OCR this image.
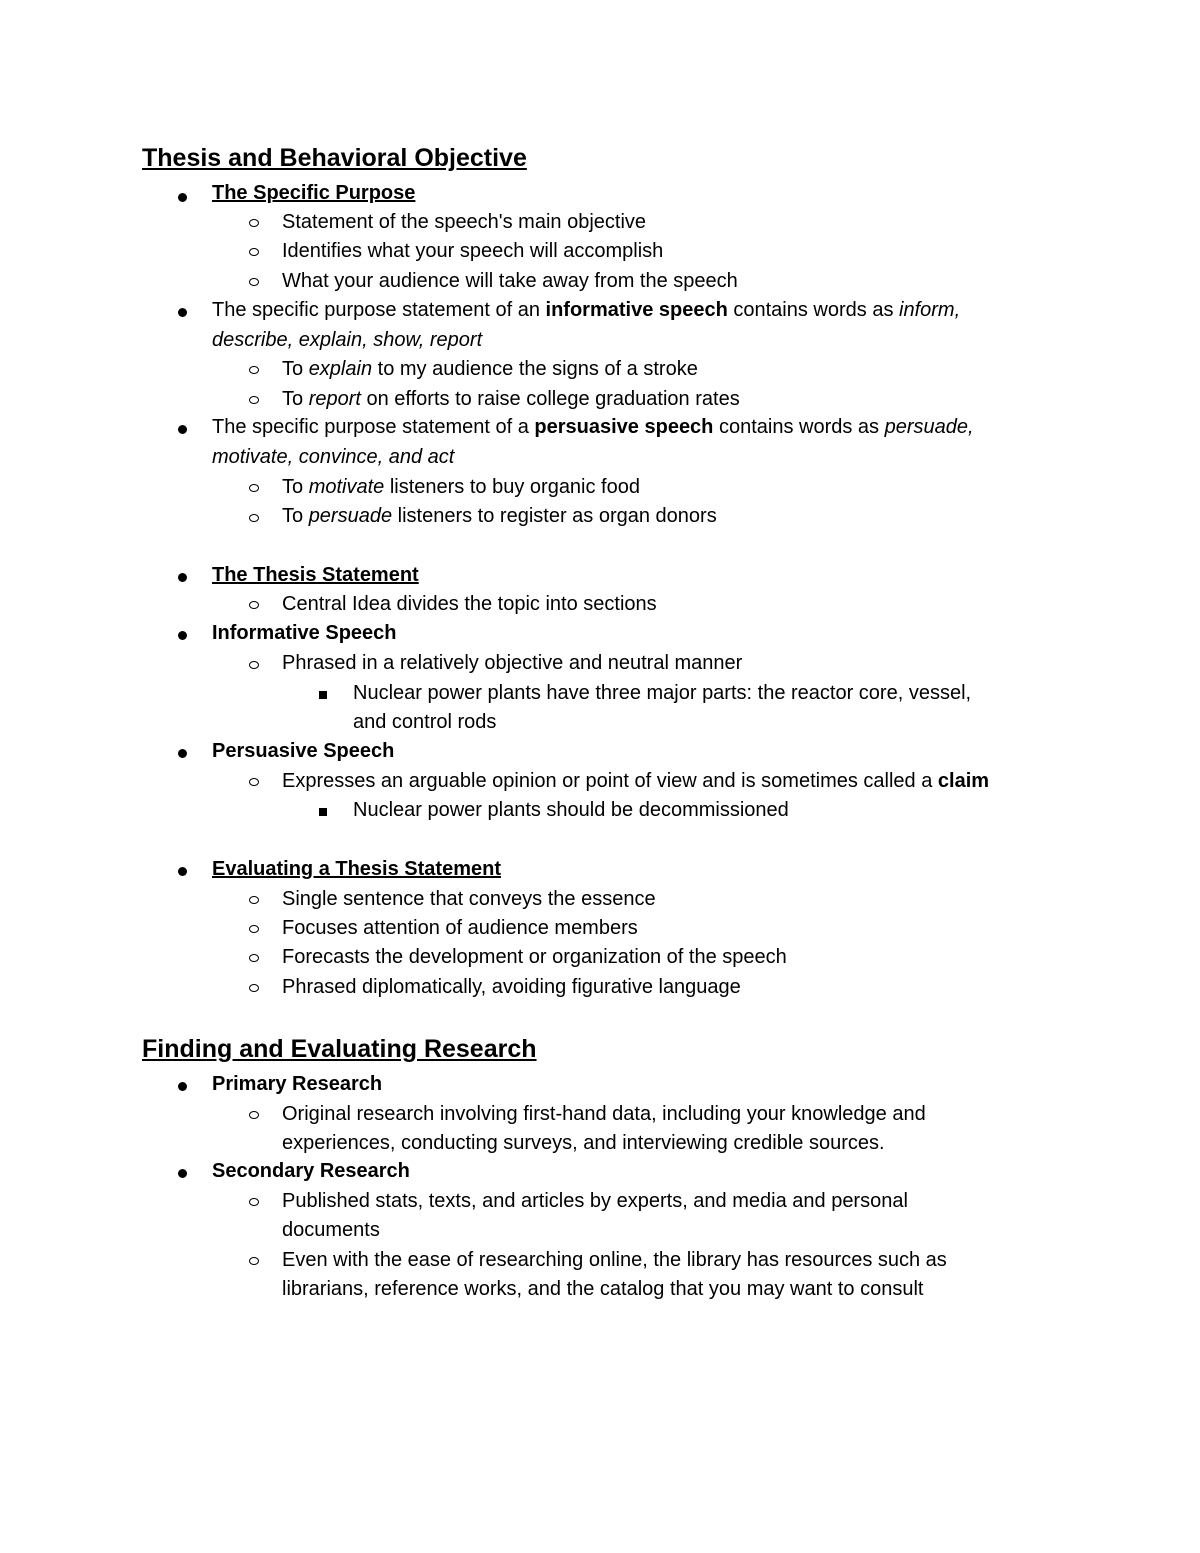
Thesis and Behavioral Objective
The Specific Purpose
Statement of the speech's main objective
Identifies what your speech will accomplish
What your audience will take away from the speech
The specific purpose statement of an informative speech contains words as inform,
describe, explain, show, report
To explain to my audience the signs of a stroke
To report on efforts to raise college graduation rates
The specific purpose statement of a persuasive speech contains words as persuade,
motivate, convince, and act
To motivate listeners to buy organic food
To persuade listeners to register as organ donors
The Thesis Statement
Central Idea divides the topic into sections
Informative Speech
Phrased in a relatively objective and neutral manner
Nuclear power plants have three major parts: the reactor core, vessel,
and control rods
Persuasive Speech
Expresses an arguable opinion or point of view and is sometimes called a claim
Nuclear power plants should be decommissioned
Evaluating a Thesis Statement
Single sentence that conveys the essence
Focuses attention of audience members
Forecasts the development or organization of the speech
Phrased diplomatically, avoiding figurative language
Finding and Evaluating Research
Primary Research
Original research involving first-hand data, including your knowledge and
experiences, conducting surveys, and interviewing credible sources.
Secondary Research
Published stats, texts, and articles by experts, and media and personal
documents
Even with the ease of researching online, the library has resources such as
librarians, reference works, and the catalog that you may want to consult
